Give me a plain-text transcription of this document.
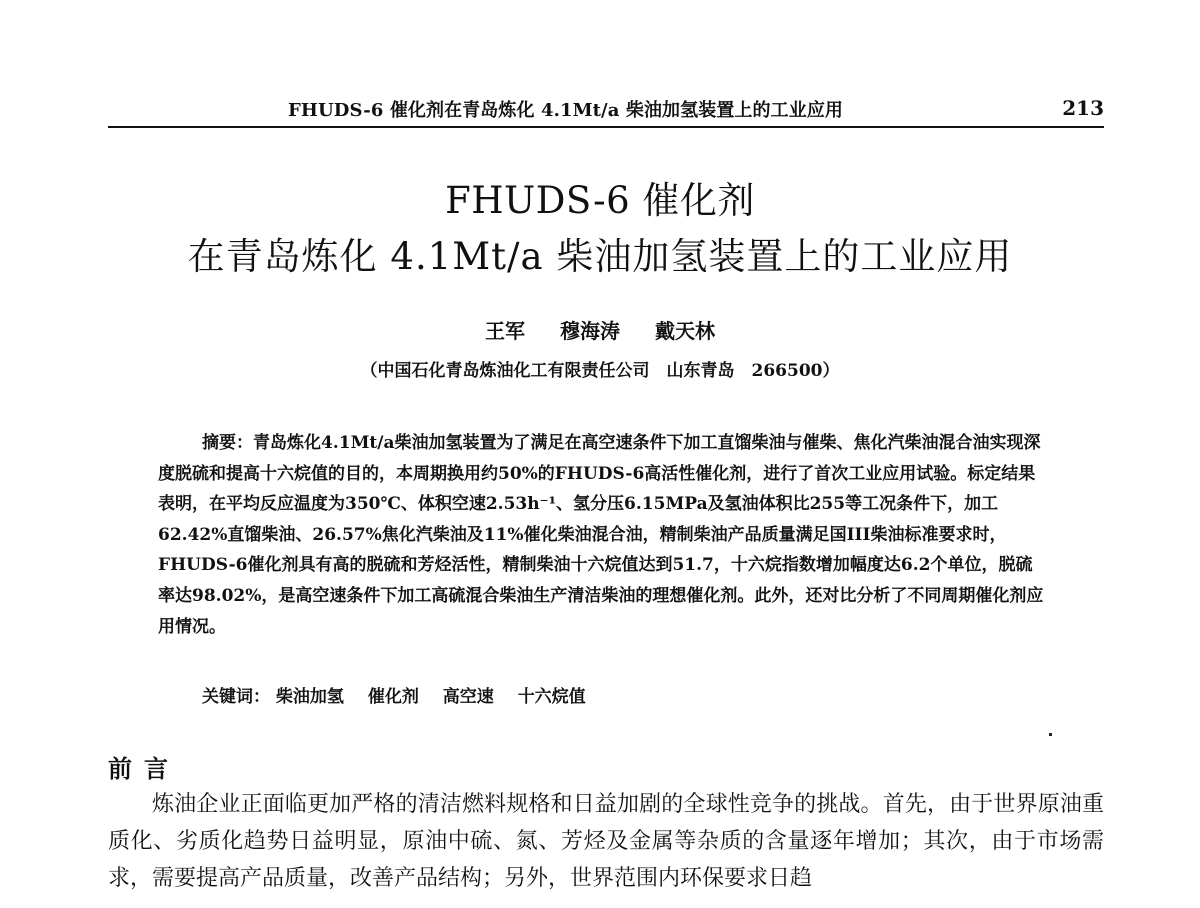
FHUDS-6 催化剂在青岛炼化 4.1Mt/a 柴油加氢装置上的工业应用	213
FHUDS-6 催化剂
在青岛炼化 4.1Mt/a 柴油加氢装置上的工业应用
王军 穆海涛 戴天林
（中国石化青岛炼油化工有限责任公司　山东青岛　266500）

摘要：青岛炼化4.1Mt/a柴油加氢装置为了满足在高空速条件下加工直馏柴油与催柴、焦化汽柴油混合油实现深度脱硫和提高十六烷值的目的，本周期换用约50%的FHUDS-6高活性催化剂，进行了首次工业应用试验。标定结果表明，在平均反应温度为350℃、体积空速2.53h⁻¹、氢分压6.15MPa及氢油体积比255等工况条件下，加工62.42%直馏柴油、26.57%焦化汽柴油及11%催化柴油混合油，精制柴油产品质量满足国III柴油标准要求时，FHUDS-6催化剂具有高的脱硫和芳烃活性，精制柴油十六烷值达到51.7，十六烷指数增加幅度达6.2个单位，脱硫率达98.02%，是高空速条件下加工高硫混合柴油生产清洁柴油的理想催化剂。此外，还对比分析了不同周期催化剂应用情况。

关键词： 柴油加氢 催化剂 高空速 十六烷值
前言

炼油企业正面临更加严格的清洁燃料规格和日益加剧的全球性竞争的挑战。首先，由于世界原油重质化、劣质化趋势日益明显，原油中硫、氮、芳烃及金属等杂质的含量逐年增加；其次，由于市场需求，需要提高产品质量，改善产品结构；另外，世界范围内环保要求日趋
